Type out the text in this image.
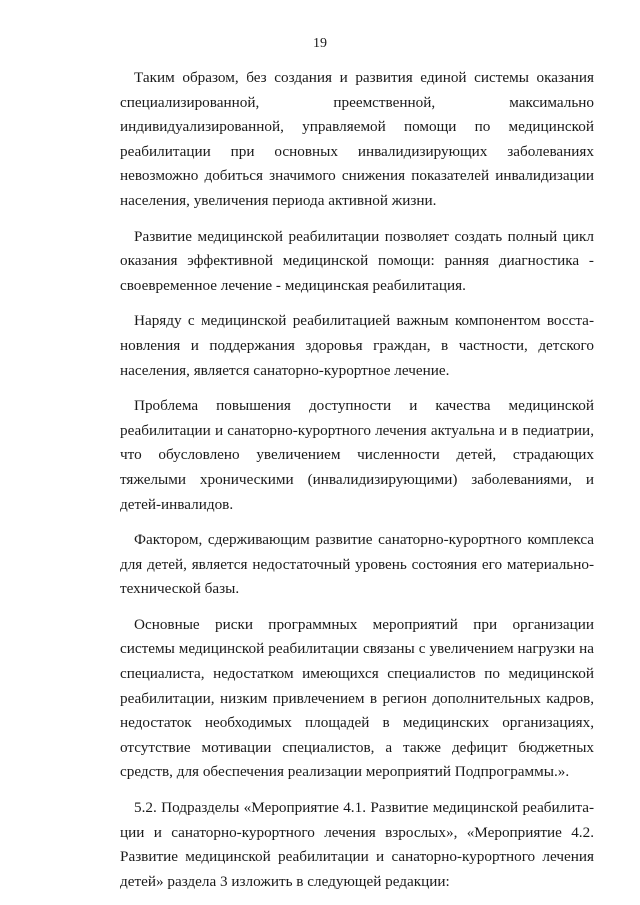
19

Таким образом, без создания и развития единой системы оказания специализированной, преемственной, максимально индивидуализированной, управляемой помощи по медицинской реабилитации при основных инвалидизирующих заболеваниях невозможно добиться значимого снижения показателей инвалидизации населения, увеличения периода активной жизни.

Развитие медицинской реабилитации позволяет создать полный цикл оказания эффективной медицинской помощи: ранняя диагностика - своевременное лечение - медицинская реабилитация.

Наряду с медицинской реабилитацией важным компонентом восстановления и поддержания здоровья граждан, в частности, детского населения, является санаторно-курортное лечение.

Проблема повышения доступности и качества медицинской реабилитации и санаторно-курортного лечения актуальна и в педиатрии, что обусловлено увеличением численности детей, страдающих тяжелыми хроническими (инвалидизирующими) заболеваниями, и детей-инвалидов.

Фактором, сдерживающим развитие санаторно-курортного комплекса для детей, является недостаточный уровень состояния его материально-технической базы.

Основные риски программных мероприятий при организации системы медицинской реабилитации связаны с увеличением нагрузки на специалиста, недостатком имеющихся специалистов по медицинской реабилитации, низким привлечением в регион дополнительных кадров, недостаток необходимых площадей в медицинских организациях, отсутствие мотивации специалистов, а также дефицит бюджетных средств, для обеспечения реализации мероприятий Подпрограммы.».

5.2. Подразделы «Мероприятие 4.1. Развитие медицинской реабилитации и санаторно-курортного лечения взрослых», «Мероприятие 4.2. Развитие медицинской реабилитации и санаторно-курортного лечения детей» раздела 3 изложить в следующей редакции:
